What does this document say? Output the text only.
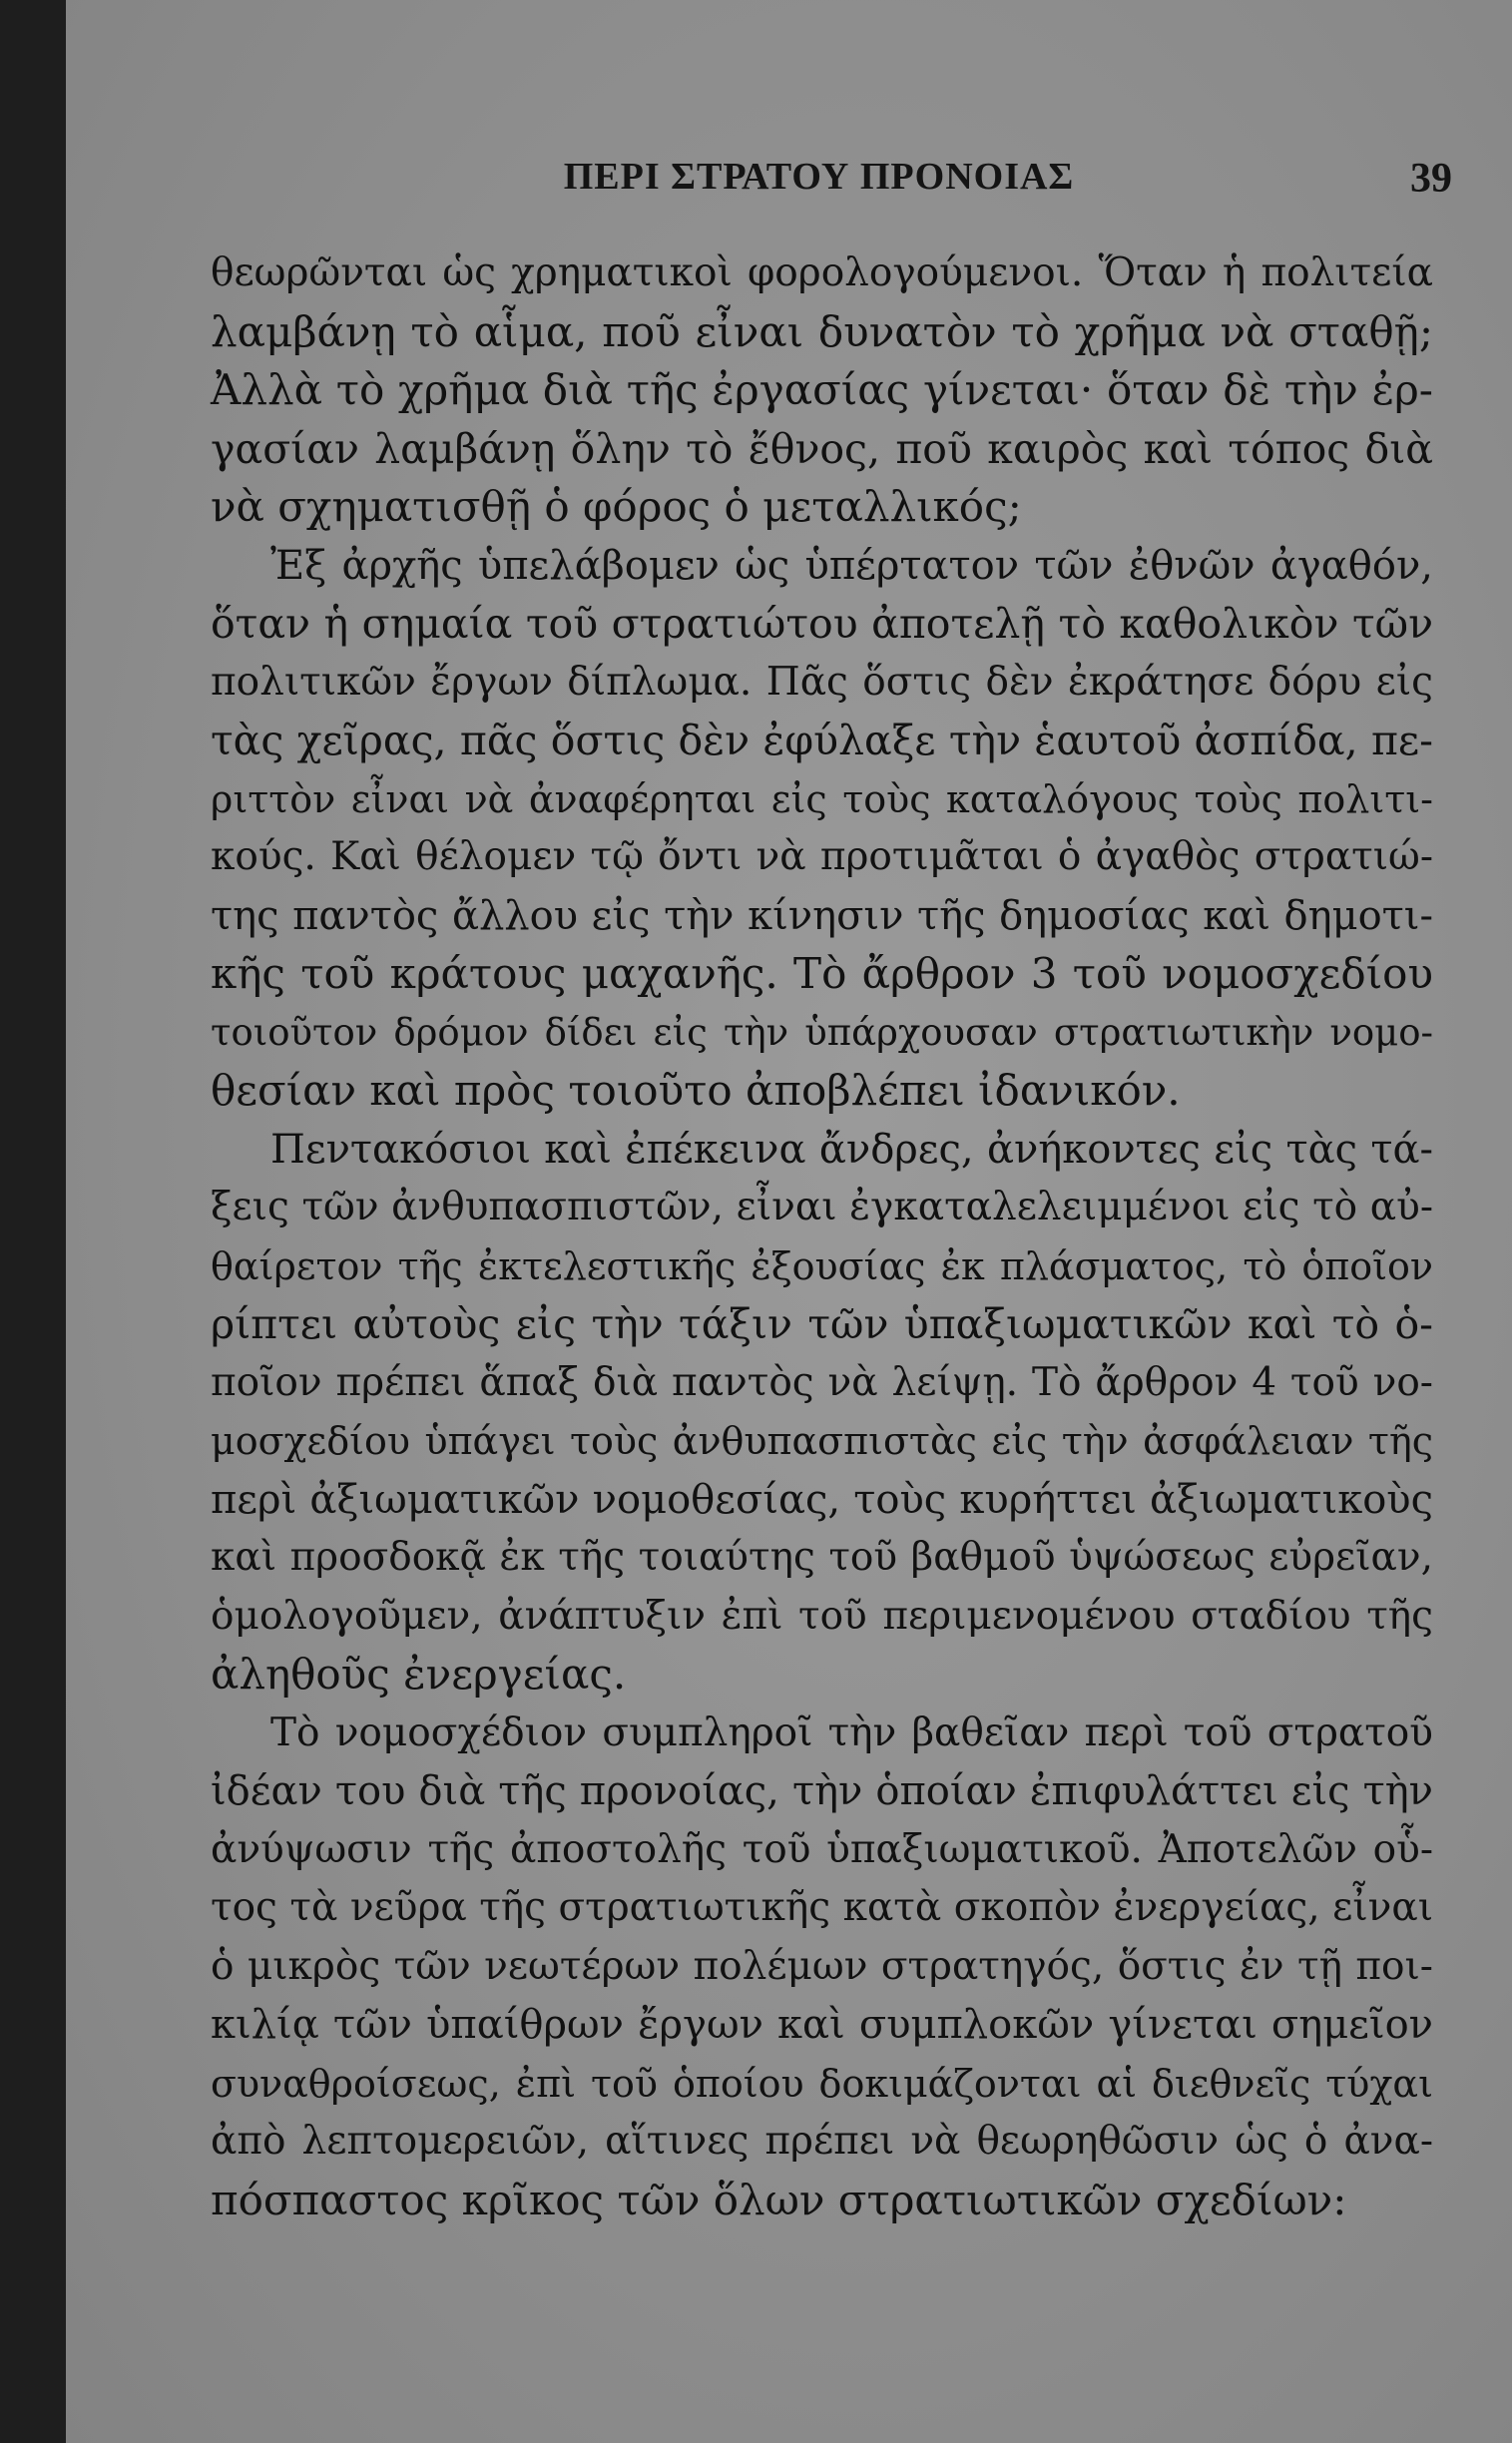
ΠΕΡΙ ΣΤΡΑΤΟΥ ΠΡΟΝΟΙΑΣ	39
θεωρῶνται ὡς χρηματικοὶ φορολογούμενοι. Ὅταν ἡ πολιτεία
λαμβάνῃ τὸ αἷμα, ποῦ εἶναι δυνατὸν τὸ χρῆμα νὰ σταθῇ;
Ἀλλὰ τὸ χρῆμα διὰ τῆς ἐργασίας γίνεται· ὅταν δὲ τὴν ἐρ-
γασίαν λαμβάνῃ ὅλην τὸ ἔθνος, ποῦ καιρὸς καὶ τόπος διὰ
νὰ σχηματισθῇ ὁ φόρος ὁ μεταλλικός;
Ἐξ ἀρχῆς ὑπελάβομεν ὡς ὑπέρτατον τῶν ἐθνῶν ἀγαθόν,
ὅταν ἡ σημαία τοῦ στρατιώτου ἀποτελῇ τὸ καθολικὸν τῶν
πολιτικῶν ἔργων δίπλωμα. Πᾶς ὅστις δὲν ἐκράτησε δόρυ εἰς
τὰς χεῖρας, πᾶς ὅστις δὲν ἐφύλαξε τὴν ἑαυτοῦ ἀσπίδα, πε-
ριττὸν εἶναι νὰ ἀναφέρηται εἰς τοὺς καταλόγους τοὺς πολιτι-
κούς. Καὶ θέλομεν τῷ ὄντι νὰ προτιμᾶται ὁ ἀγαθὸς στρατιώ-
της παντὸς ἄλλου εἰς τὴν κίνησιν τῆς δημοσίας καὶ δημοτι-
κῆς τοῦ κράτους μαχανῆς. Τὸ ἄρθρον 3 τοῦ νομοσχεδίου
τοιοῦτον δρόμον δίδει εἰς τὴν ὑπάρχουσαν στρατιωτικὴν νομο-
θεσίαν καὶ πρὸς τοιοῦτο ἀποβλέπει ἰδανικόν.
Πεντακόσιοι καὶ ἐπέκεινα ἄνδρες, ἀνήκοντες εἰς τὰς τά-
ξεις τῶν ἀνθυπασπιστῶν, εἶναι ἐγκαταλελειμμένοι εἰς τὸ αὐ-
θαίρετον τῆς ἐκτελεστικῆς ἐξουσίας ἐκ πλάσματος, τὸ ὁποῖον
ρίπτει αὐτοὺς εἰς τὴν τάξιν τῶν ὑπαξιωματικῶν καὶ τὸ ὁ-
ποῖον πρέπει ἅπαξ διὰ παντὸς νὰ λείψῃ. Τὸ ἄρθρον 4 τοῦ νο-
μοσχεδίου ὑπάγει τοὺς ἀνθυπασπιστὰς εἰς τὴν ἀσφάλειαν τῆς
περὶ ἀξιωματικῶν νομοθεσίας, τοὺς κυρήττει ἀξιωματικοὺς
καὶ προσδοκᾷ ἐκ τῆς τοιαύτης τοῦ βαθμοῦ ὑψώσεως εὐρεῖαν,
ὁμολογοῦμεν, ἀνάπτυξιν ἐπὶ τοῦ περιμενομένου σταδίου τῆς
ἀληθοῦς ἐνεργείας.
Τὸ νομοσχέδιον συμπληροῖ τὴν βαθεῖαν περὶ τοῦ στρατοῦ
ἰδέαν του διὰ τῆς προνοίας, τὴν ὁποίαν ἐπιφυλάττει εἰς τὴν
ἀνύψωσιν τῆς ἀποστολῆς τοῦ ὑπαξιωματικοῦ. Ἀποτελῶν οὗ-
τος τὰ νεῦρα τῆς στρατιωτικῆς κατὰ σκοπὸν ἐνεργείας, εἶναι
ὁ μικρὸς τῶν νεωτέρων πολέμων στρατηγός, ὅστις ἐν τῇ ποι-
κιλίᾳ τῶν ὑπαίθρων ἔργων καὶ συμπλοκῶν γίνεται σημεῖον
συναθροίσεως, ἐπὶ τοῦ ὁποίου δοκιμάζονται αἱ διεθνεῖς τύχαι
ἀπὸ λεπτομερειῶν, αἵτινες πρέπει νὰ θεωρηθῶσιν ὡς ὁ ἀνα-
πόσπαστος κρῖκος τῶν ὅλων στρατιωτικῶν σχεδίων:
